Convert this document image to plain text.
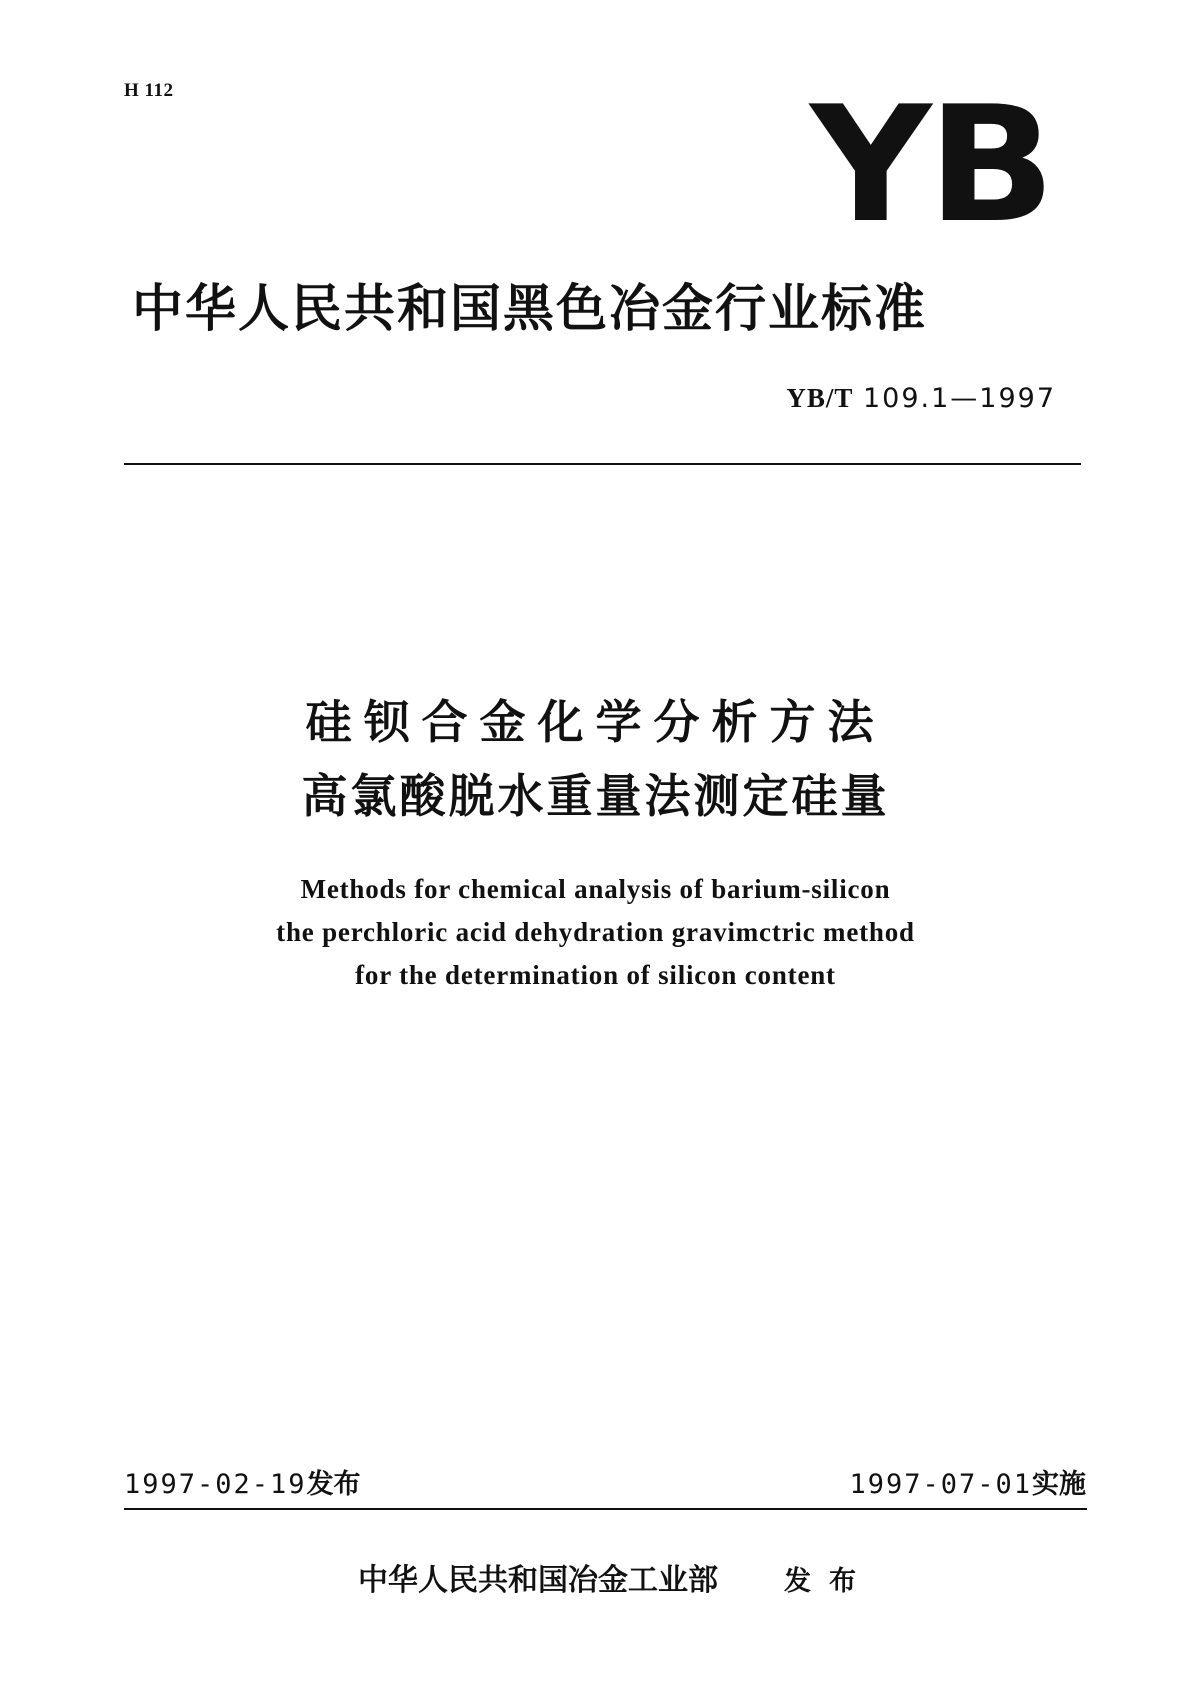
H 112	YB
中华人民共和国黑色冶金行业标准
YB/T 109.1—1997
硅钡合金化学分析方法
高氯酸脱水重量法测定硅量
Methods for chemical analysis of barium-silicon
the perchloric acid dehydration gravimctric method
for the determination of silicon content
1997-02-19发布	1997-07-01实施
中华人民共和国冶金工业部 发布
